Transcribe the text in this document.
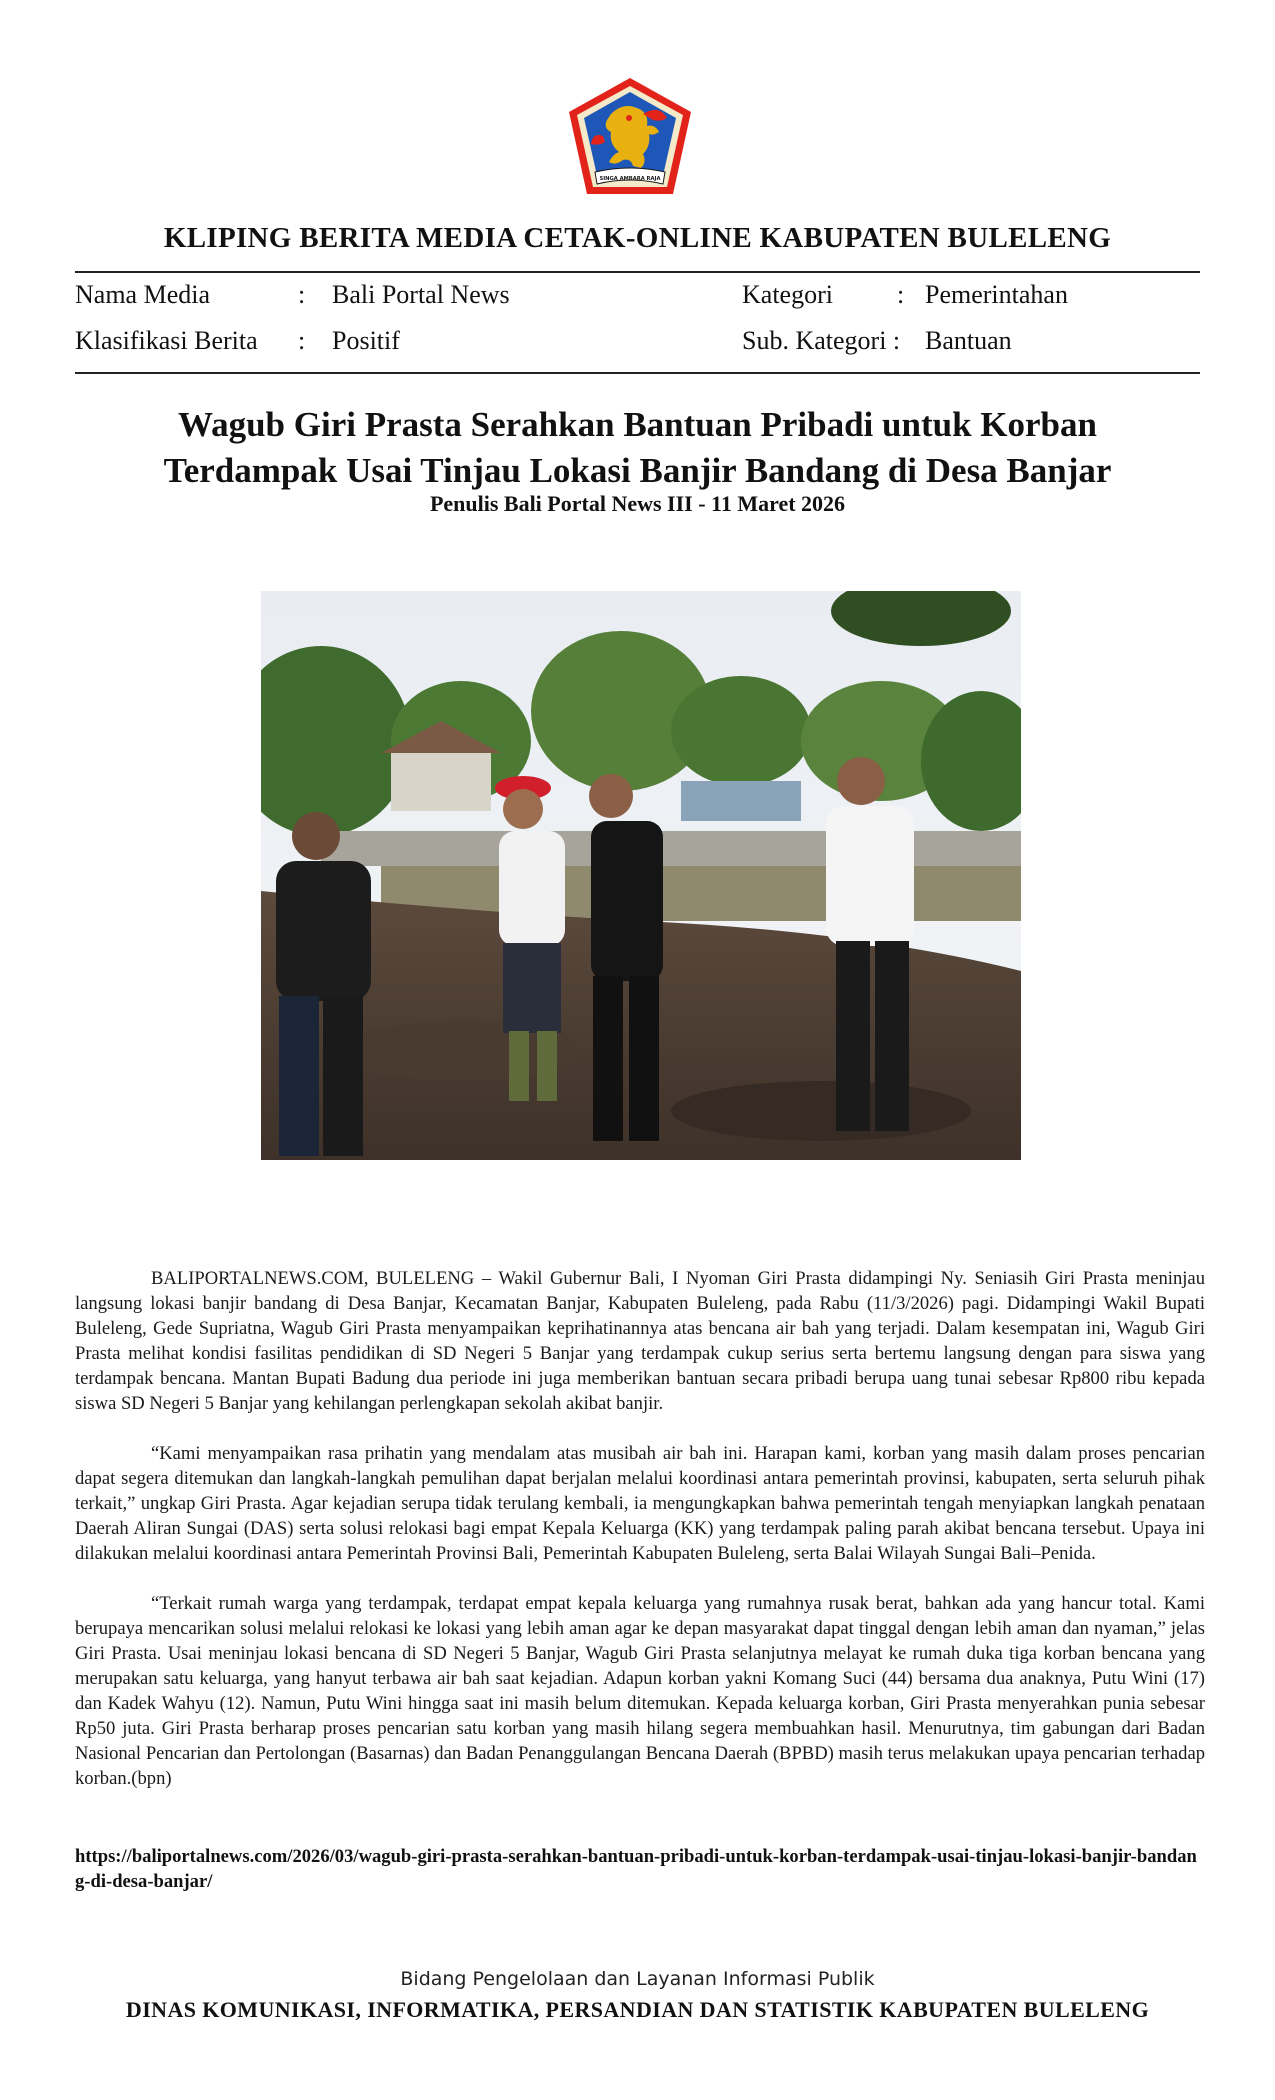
SINGA AMBARA RAJA
KLIPING BERITA MEDIA CETAK-ONLINE KABUPATEN BULELENG
Nama Media	: Bali Portal News	Kategori : Pemerintahan
Klasifikasi Berita : Positif	Sub. Kategori : Bantuan
Wagub Giri Prasta Serahkan Bantuan Pribadi untuk Korban
Terdampak Usai Tinjau Lokasi Banjir Bandang di Desa Banjar
Penulis Bali Portal News III - 11 Maret 2026

BALIPORTALNEWS.COM, BULELENG – Wakil Gubernur Bali, I Nyoman Giri Prasta didampingi Ny. Seniasih Giri Prasta meninjau langsung lokasi banjir bandang di Desa Banjar, Kecamatan Banjar, Kabupaten Buleleng, pada Rabu (11/3/2026) pagi. Didampingi Wakil Bupati Buleleng, Gede Supriatna, Wagub Giri Prasta menyampaikan keprihatinannya atas bencana air bah yang terjadi. Dalam kesempatan ini, Wagub Giri Prasta melihat kondisi fasilitas pendidikan di SD Negeri 5 Banjar yang terdampak cukup serius serta bertemu langsung dengan para siswa yang terdampak bencana. Mantan Bupati Badung dua periode ini juga memberikan bantuan secara pribadi berupa uang tunai sebesar Rp800 ribu kepada siswa SD Negeri 5 Banjar yang kehilangan perlengkapan sekolah akibat banjir.

“Kami menyampaikan rasa prihatin yang mendalam atas musibah air bah ini. Harapan kami, korban yang masih dalam proses pencarian dapat segera ditemukan dan langkah-langkah pemulihan dapat berjalan melalui koordinasi antara pemerintah provinsi, kabupaten, serta seluruh pihak terkait,” ungkap Giri Prasta. Agar kejadian serupa tidak terulang kembali, ia mengungkapkan bahwa pemerintah tengah menyiapkan langkah penataan Daerah Aliran Sungai (DAS) serta solusi relokasi bagi empat Kepala Keluarga (KK) yang terdampak paling parah akibat bencana tersebut. Upaya ini dilakukan melalui koordinasi antara Pemerintah Provinsi Bali, Pemerintah Kabupaten Buleleng, serta Balai Wilayah Sungai Bali–Penida.

“Terkait rumah warga yang terdampak, terdapat empat kepala keluarga yang rumahnya rusak berat, bahkan ada yang hancur total. Kami berupaya mencarikan solusi melalui relokasi ke lokasi yang lebih aman agar ke depan masyarakat dapat tinggal dengan lebih aman dan nyaman,” jelas Giri Prasta. Usai meninjau lokasi bencana di SD Negeri 5 Banjar, Wagub Giri Prasta selanjutnya melayat ke rumah duka tiga korban bencana yang merupakan satu keluarga, yang hanyut terbawa air bah saat kejadian. Adapun korban yakni Komang Suci (44) bersama dua anaknya, Putu Wini (17) dan Kadek Wahyu (12). Namun, Putu Wini hingga saat ini masih belum ditemukan. Kepada keluarga korban, Giri Prasta menyerahkan punia sebesar Rp50 juta. Giri Prasta berharap proses pencarian satu korban yang masih hilang segera membuahkan hasil. Menurutnya, tim gabungan dari Badan Nasional Pencarian dan Pertolongan (Basarnas) dan Badan Penanggulangan Bencana Daerah (BPBD) masih terus melakukan upaya pencarian terhadap korban.(bpn)

https://baliportalnews.com/2026/03/wagub-giri-prasta-serahkan-bantuan-pribadi-untuk-korban-terdampak-usai-tinjau-lokasi-banjir-bandang-di-desa-banjar/
Bidang Pengelolaan dan Layanan Informasi Publik
DINAS KOMUNIKASI, INFORMATIKA, PERSANDIAN DAN STATISTIK KABUPATEN BULELENG
